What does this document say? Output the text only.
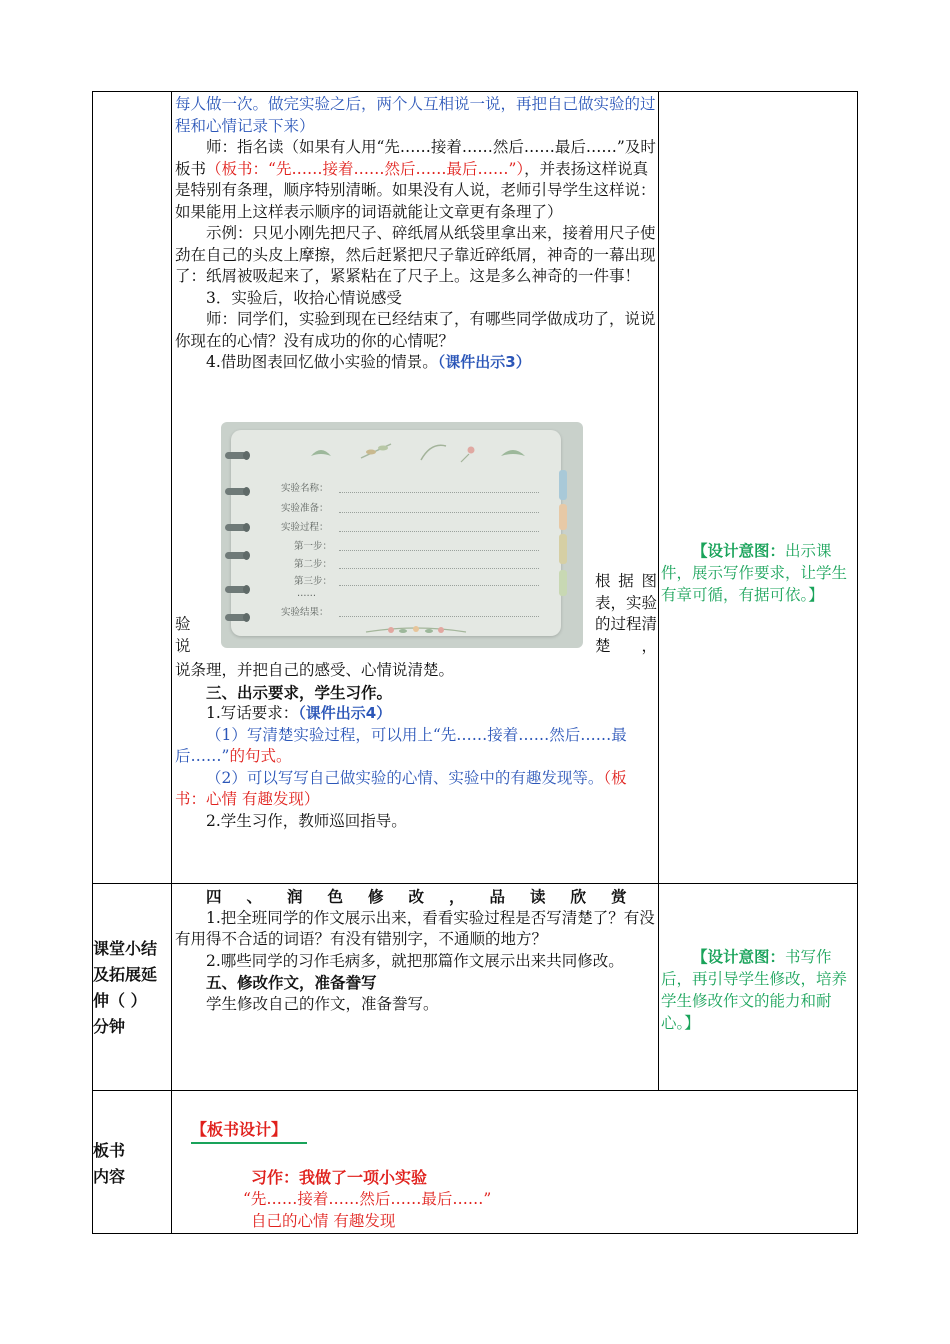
每人做一次。做完实验之后，两个人互相说一说，再把自己做实验的过程和心情记录下来）
师：指名读（如果有人用“先……接着……然后……最后……”及时板书（板书：“先……接着……然后……最后……”），并表扬这样说真是特别有条理，顺序特别清晰。如果没有人说，老师引导学生这样说：如果能用上这样表示顺序的词语就能让文章更有条理了）
示例：只见小刚先把尺子、碎纸屑从纸袋里拿出来，接着用尺子使劲在自己的头皮上摩擦，然后赶紧把尺子靠近碎纸屑，神奇的一幕出现了：纸屑被吸起来了，紧紧粘在了尺子上。这是多么神奇的一件事！
3．实验后，收拾心情说感受
师：同学们，实验到现在已经结束了，有哪些同学做成功了，说说你现在的心情？没有成功的你的心情呢？
4.借助图表回忆做小实验的情景。（课件出示3）
实验名称：
实验准备：
实验过程：
第一步：
第二步：
第三步：
……
实验结果：
根据图表，实验的过程清楚，
验
说
说条理，并把自己的感受、心情说清楚。
三、出示要求，学生习作。
1.写话要求：（课件出示4）
（1）写清楚实验过程，可以用上“先……接着……然后……最后……”的句式。
（2）可以写写自己做实验的心情、实验中的有趣发现等。（板书：心情 有趣发现）
2.学生习作，教师巡回指导。
【设计意图：出示课件，展示写作要求，让学生有章可循，有据可依。】
课堂小结
及拓展延
伸（ ）
分钟
四、润色修改，品读欣赏
1.把全班同学的作文展示出来，看看实验过程是否写清楚了？有没有用得不合适的词语？有没有错别字，不通顺的地方？
2.哪些同学的习作毛病多，就把那篇作文展示出来共同修改。
五、修改作文，准备誊写
学生修改自己的作文，准备誊写。
【设计意图：书写作后，再引导学生修改，培养学生修改作文的能力和耐心。】
板书
内容
【板书设计】
习作：我做了一项小实验
“先……接着……然后……最后……”
自己的心情 有趣发现
